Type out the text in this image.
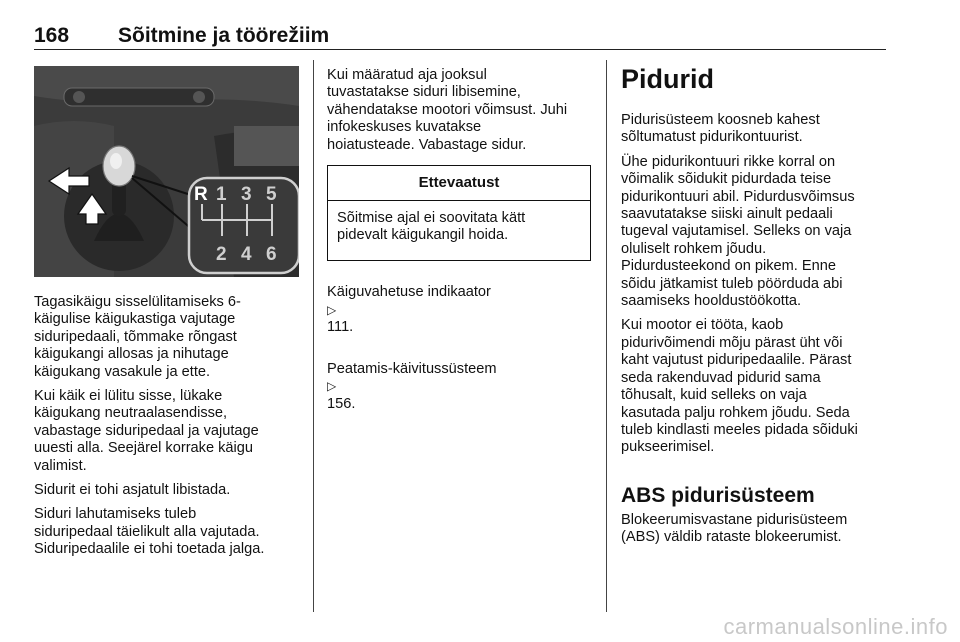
168 Sõitmine ja töörežiim
R 1 3 5
2 4 6

Tagasikäigu sisselülitamiseks 6-
käigulise käigukastiga vajutage
siduripedaali, tõmmake rõngast
käigukangi allosas ja nihutage
käigukang vasakule ja ette.

Kui käik ei lülitu sisse, lükake
käigukang neutraalasendisse,
vabastage siduripedaal ja vajutage
uuesti alla. Seejärel korrake käigu
valimist.

Sidurit ei tohi asjatult libistada.

Siduri lahutamiseks tuleb
siduripedaal täielikult alla vajutada.
Siduripedaalile ei tohi toetada jalga.

Kui määratud aja jooksul
tuvastatakse siduri libisemine,
vähendatakse mootori võimsust. Juhi
infokeskuses kuvatakse
hoiatusteade. Vabastage sidur.

Ettevaatust
Sõitmise ajal ei soovitata kätt
pidevalt käigukangil hoida.

Käiguvahetuse indikaator
▷
111.

Peatamis-käivitussüsteem
▷
156.

Pidurid

Pidurisüsteem koosneb kahest
sõltumatust pidurikontuurist.

Ühe pidurikontuuri rikke korral on
võimalik sõidukit pidurdada teise
pidurikontuuri abil. Pidurdusvõimsus
saavutatakse siiski ainult pedaali
tugeval vajutamisel. Selleks on vaja
oluliselt rohkem jõudu.
Pidurdusteekond on pikem. Enne
sõidu jätkamist tuleb pöörduda abi
saamiseks hooldustöökotta.

Kui mootor ei tööta, kaob
pidurivõimendi mõju pärast üht või
kaht vajutust piduripedaalile. Pärast
seda rakenduvad pidurid sama
tõhusalt, kuid selleks on vaja
kasutada palju rohkem jõudu. Seda
tuleb kindlasti meeles pidada sõiduki
pukseerimisel.

ABS pidurisüsteem

Blokeerumisvastane pidurisüsteem
(ABS) väldib rataste blokeerumist.

carmanualsonline.info
